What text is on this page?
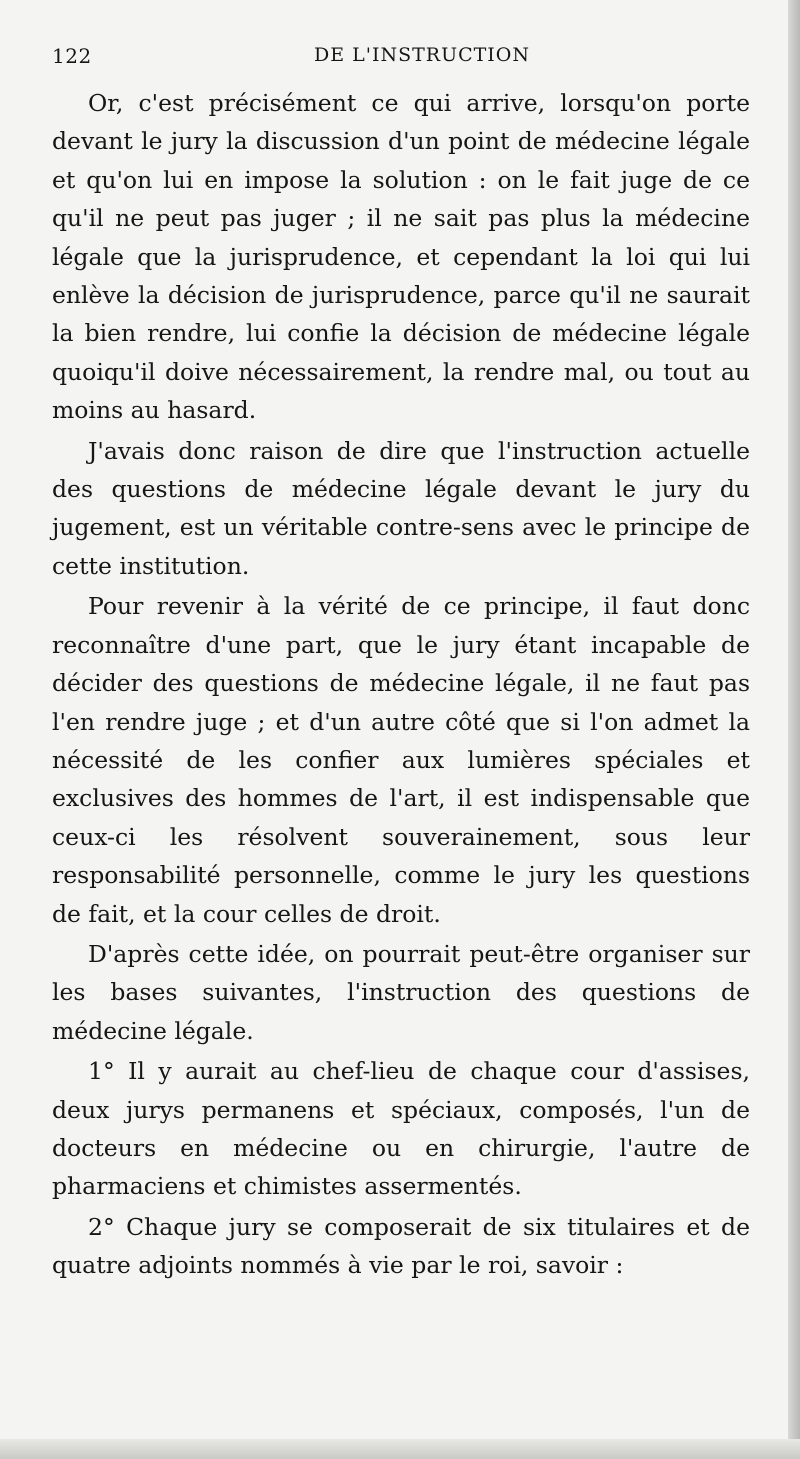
122	DE L'INSTRUCTION

Or, c'est précisément ce qui arrive, lorsqu'on porte devant le jury la discussion d'un point de médecine légale et qu'on lui en impose la solution : on le fait juge de ce qu'il ne peut pas juger ; il ne sait pas plus la médecine légale que la jurisprudence, et cependant la loi qui lui enlève la décision de jurisprudence, parce qu'il ne saurait la bien rendre, lui confie la décision de médecine légale quoiqu'il doive nécessairement, la rendre mal, ou tout au moins au hasard.

J'avais donc raison de dire que l'instruction actuelle des questions de médecine légale devant le jury du jugement, est un véritable contre-sens avec le principe de cette institution.

Pour revenir à la vérité de ce principe, il faut donc reconnaître d'une part, que le jury étant incapable de décider des questions de médecine légale, il ne faut pas l'en rendre juge ; et d'un autre côté que si l'on admet la nécessité de les confier aux lumières spéciales et exclusives des hommes de l'art, il est indispensable que ceux-ci les résolvent souverainement, sous leur responsabilité personnelle, comme le jury les questions de fait, et la cour celles de droit.

D'après cette idée, on pourrait peut-être organiser sur les bases suivantes, l'instruction des questions de médecine légale.

1° Il y aurait au chef-lieu de chaque cour d'assises, deux jurys permanens et spéciaux, composés, l'un de docteurs en médecine ou en chirurgie, l'autre de pharmaciens et chimistes assermentés.

2° Chaque jury se composerait de six titulaires et de quatre adjoints nommés à vie par le roi, savoir :
